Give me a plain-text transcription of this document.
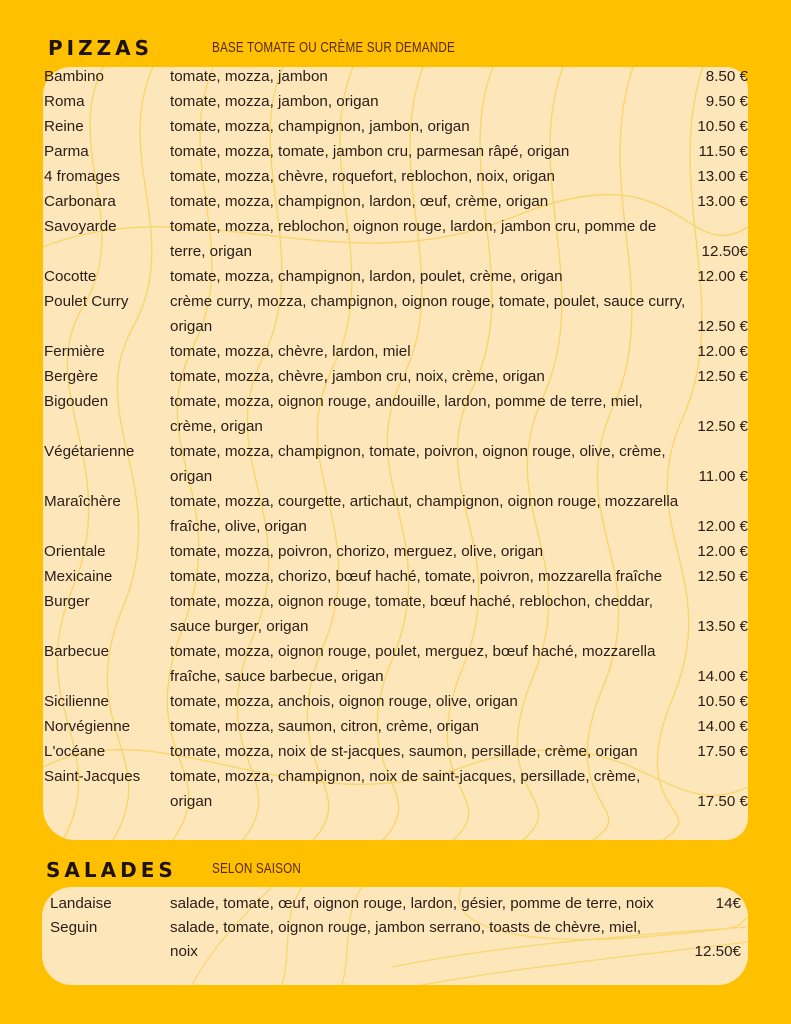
PIZZAS	BASE TOMATE OU CRÈME SUR DEMANDE
Bambino	tomate, mozza, jambon	8.50 €
Roma	tomate, mozza, jambon, origan	9.50 €
Reine	tomate, mozza, champignon, jambon, origan	10.50 €
Parma	tomate, mozza, tomate, jambon cru, parmesan râpé, origan	11.50 €
4 fromages	tomate, mozza, chèvre, roquefort, reblochon, noix, origan	13.00 €
Carbonara	tomate, mozza, champignon, lardon, œuf, crème, origan	13.00 €
Savoyarde	tomate, mozza, reblochon, oignon rouge, lardon, jambon cru, pomme de terre, origan	12.50€
Cocotte	tomate, mozza, champignon, lardon, poulet, crème, origan	12.00 €
Poulet Curry	crème curry, mozza, champignon, oignon rouge, tomate, poulet, sauce curry, origan	12.50 €
Fermière	tomate, mozza, chèvre, lardon, miel	12.00 €
Bergère	tomate, mozza, chèvre, jambon cru, noix, crème, origan	12.50 €
Bigouden	tomate, mozza, oignon rouge, andouille, lardon, pomme de terre, miel, crème, origan	12.50 €
Végétarienne	tomate, mozza, champignon, tomate, poivron, oignon rouge, olive, crème, origan	11.00 €
Maraîchère	tomate, mozza, courgette, artichaut, champignon, oignon rouge, mozzarella fraîche, olive, origan	12.00 €
Orientale	tomate, mozza, poivron, chorizo, merguez, olive, origan	12.00 €
Mexicaine	tomate, mozza, chorizo, bœuf haché, tomate, poivron, mozzarella fraîche	12.50 €
Burger	tomate, mozza, oignon rouge, tomate, bœuf haché, reblochon, cheddar, sauce burger, origan	13.50 €
Barbecue	tomate, mozza, oignon rouge, poulet, merguez, bœuf haché, mozzarella fraîche, sauce barbecue, origan	14.00 €
Sicilienne	tomate, mozza, anchois, oignon rouge, olive, origan	10.50 €
Norvégienne	tomate, mozza, saumon, citron, crème, origan	14.00 €
L'océane	tomate, mozza, noix de st-jacques, saumon, persillade, crème, origan	17.50 €
Saint-Jacques	tomate, mozza, champignon, noix de saint-jacques, persillade, crème, origan	17.50 €
SALADES SELON SAISON
Landaise	salade, tomate, œuf, oignon rouge, lardon, gésier, pomme de terre, noix	14€
Seguin	salade, tomate, oignon rouge, jambon serrano, toasts de chèvre, miel, noix	12.50€
